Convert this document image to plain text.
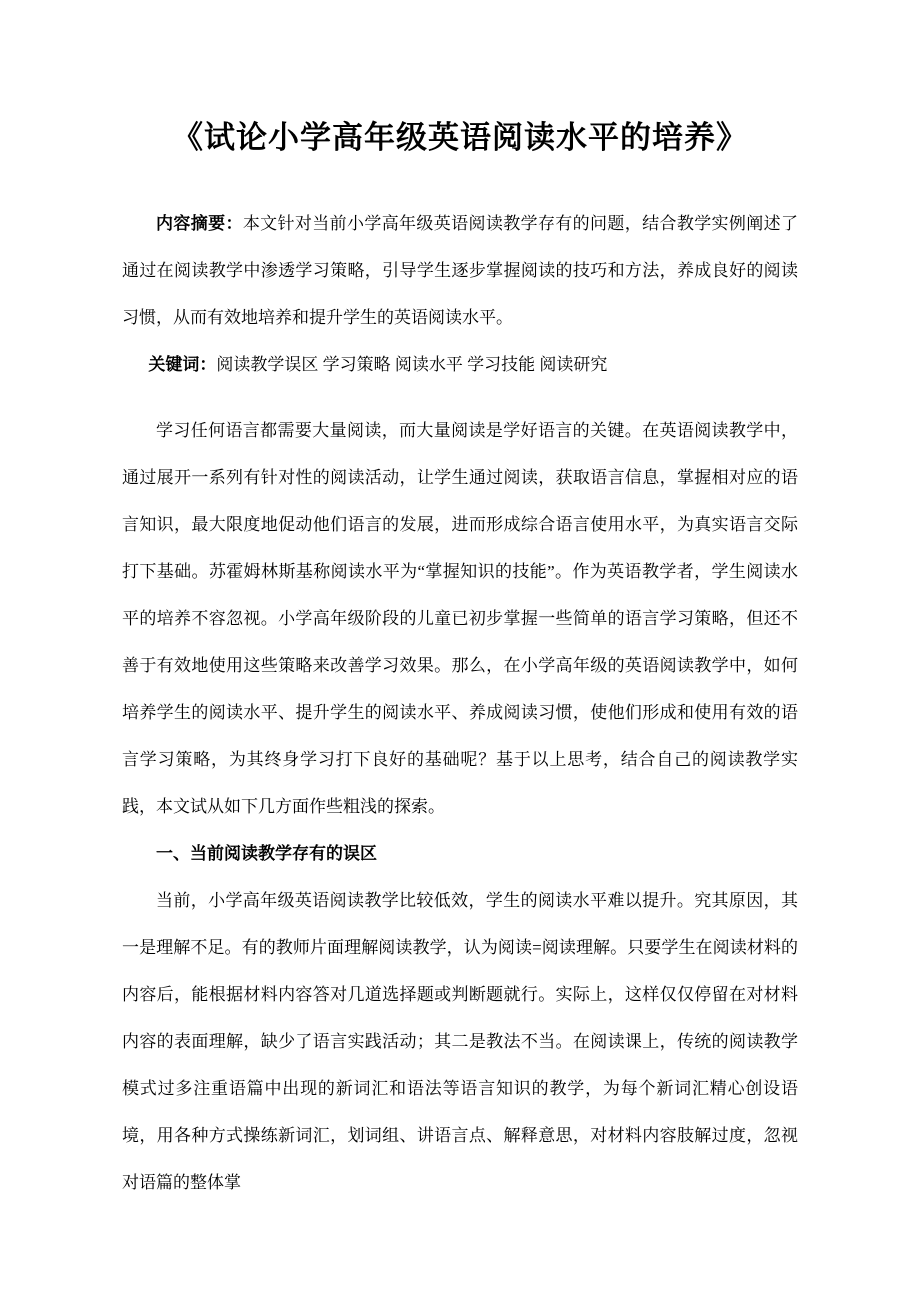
《试论小学高年级英语阅读水平的培养》

内容摘要：本文针对当前小学高年级英语阅读教学存有的问题，结合教学实例阐述了通过在阅读教学中渗透学习策略，引导学生逐步掌握阅读的技巧和方法，养成良好的阅读习惯，从而有效地培养和提升学生的英语阅读水平。

关键词：阅读教学误区 学习策略 阅读水平 学习技能 阅读研究

学习任何语言都需要大量阅读，而大量阅读是学好语言的关键。在英语阅读教学中，通过展开一系列有针对性的阅读活动，让学生通过阅读，获取语言信息，掌握相对应的语言知识，最大限度地促动他们语言的发展，进而形成综合语言使用水平，为真实语言交际打下基础。苏霍姆林斯基称阅读水平为“掌握知识的技能”。作为英语教学者，学生阅读水平的培养不容忽视。小学高年级阶段的儿童已初步掌握一些简单的语言学习策略，但还不善于有效地使用这些策略来改善学习效果。那么，在小学高年级的英语阅读教学中，如何培养学生的阅读水平、提升学生的阅读水平、养成阅读习惯，使他们形成和使用有效的语言学习策略，为其终身学习打下良好的基础呢？基于以上思考，结合自己的阅读教学实践，本文试从如下几方面作些粗浅的探索。

一、当前阅读教学存有的误区

当前，小学高年级英语阅读教学比较低效，学生的阅读水平难以提升。究其原因，其一是理解不足。有的教师片面理解阅读教学，认为阅读=阅读理解。只要学生在阅读材料的内容后，能根据材料内容答对几道选择题或判断题就行。实际上，这样仅仅停留在对材料内容的表面理解，缺少了语言实践活动；其二是教法不当。在阅读课上，传统的阅读教学模式过多注重语篇中出现的新词汇和语法等语言知识的教学，为每个新词汇精心创设语境，用各种方式操练新词汇，划词组、讲语言点、解释意思，对材料内容肢解过度，忽视对语篇的整体掌
